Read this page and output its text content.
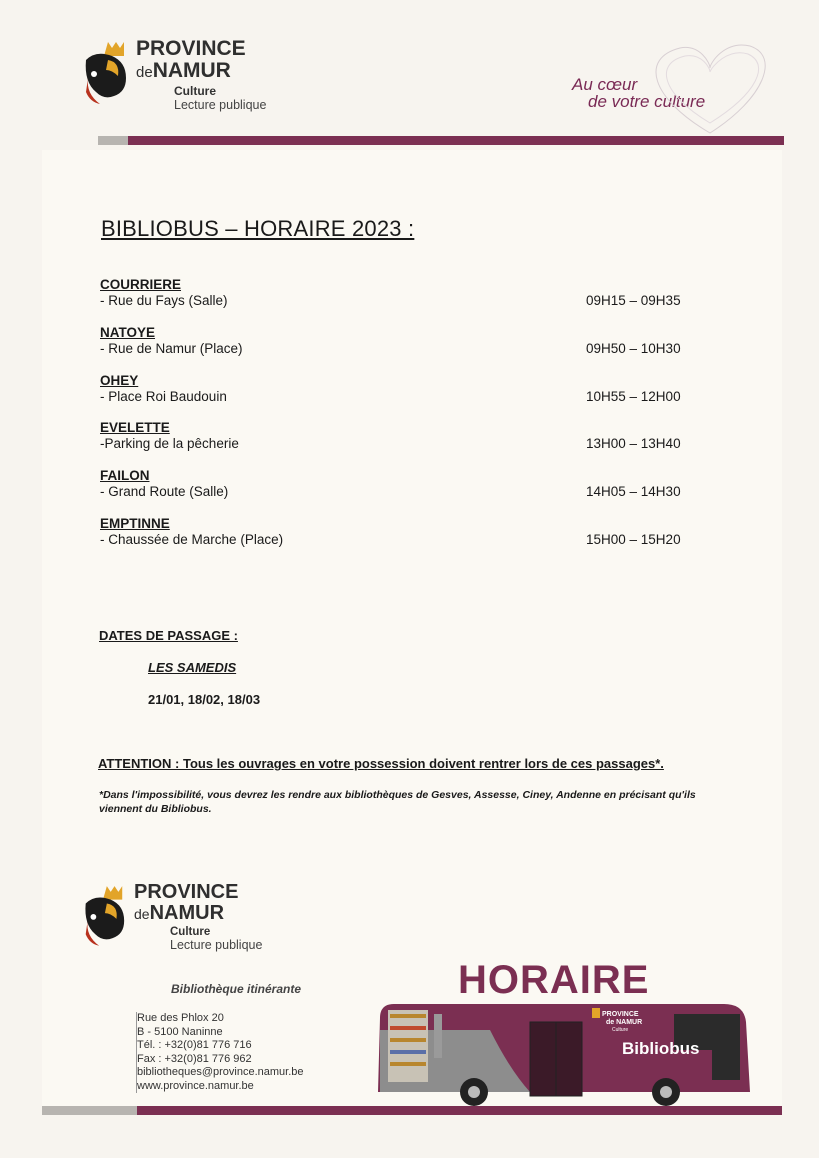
PROVINCE
deNAMUR
Culture
Lecture publique
Au cœur
de votre culture
BIBLIOBUS – HORAIRE 2023 :
COURRIERE
- Rue du Fays (Salle)	09H15 – 09H35
NATOYE
- Rue de Namur (Place)	09H50 – 10H30
OHEY
- Place Roi Baudouin	10H55 – 12H00
EVELETTE
-Parking de la pêcherie	13H00 – 13H40
FAILON
- Grand Route (Salle)	14H05 – 14H30
EMPTINNE
- Chaussée de Marche (Place)	15H00 – 15H20
DATES DE PASSAGE :
LES SAMEDIS
21/01, 18/02, 18/03
ATTENTION : Tous les ouvrages en votre possession doivent rentrer lors de ces passages*.
*Dans l'impossibilité, vous devrez les rendre aux bibliothèques de Gesves, Assesse, Ciney, Andenne en précisant qu'ils viennent du Bibliobus.
PROVINCE
deNAMUR
Culture
Lecture publique
Bibliothèque itinérante
Rue des Phlox 20
B - 5100 Naninne
Tél. : +32(0)81 776 716
Fax : +32(0)81 776 962
bibliotheques@province.namur.be
www.province.namur.be
HORAIRE
PROVINCE
de NAMUR
Culture
Bibliobus
